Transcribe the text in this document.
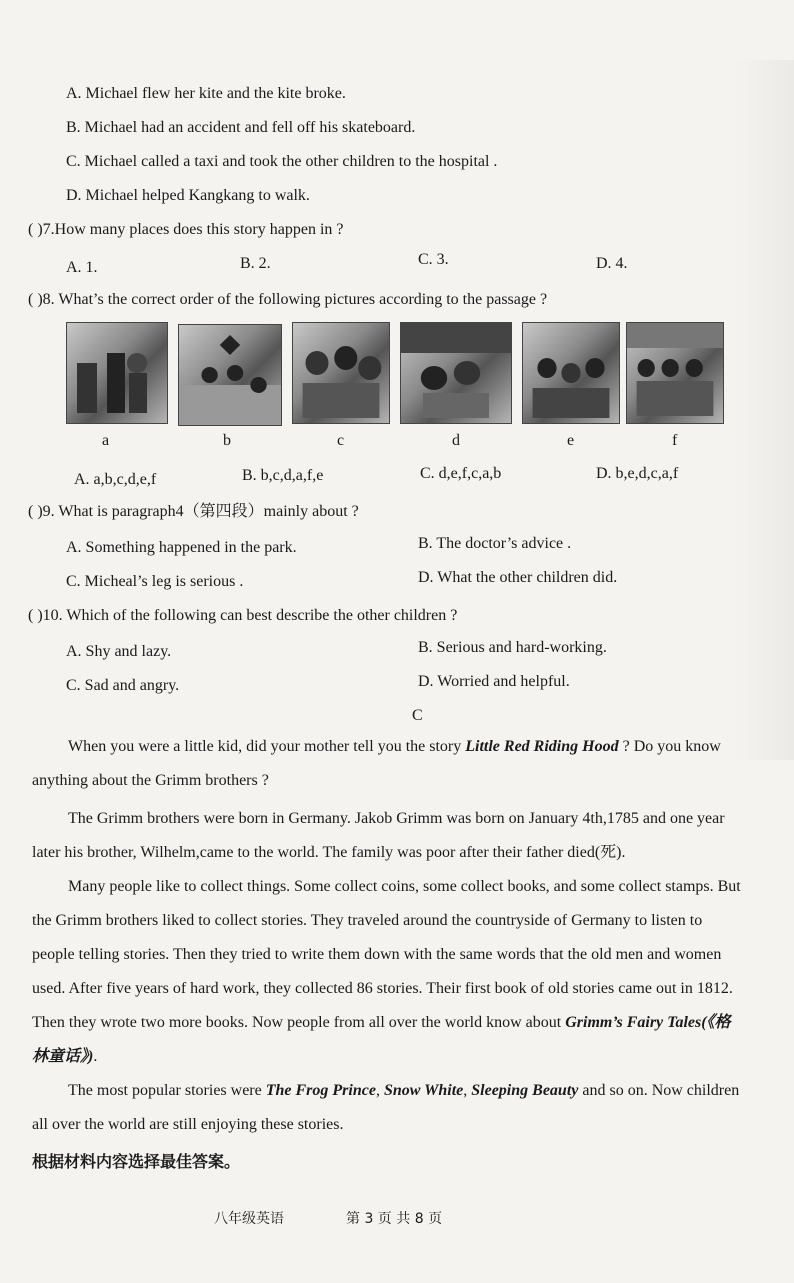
A. Michael flew her kite and the kite broke.
B. Michael had an accident and fell off his skateboard.
C. Michael called a taxi and took the other children to the hospital .
D. Michael helped Kangkang to walk.
( )7.How many places does this story happen in ?
A. 1.	B. 2.	C. 3.	D. 4.
( )8. What’s the correct order of the following pictures according to the passage ?
a	b	c	d	e	f
A. a,b,c,d,e,f	B. b,c,d,a,f,e	C. d,e,f,c,a,b	D. b,e,d,c,a,f
( )9. What is paragraph4（第四段）mainly about ?
A. Something happened in the park.	B. The doctor’s advice .
C. Micheal’s leg is serious .	D. What the other children did.
( )10. Which of the following can best describe the other children ?
A. Shy and lazy.	B. Serious and hard-working.
C. Sad and angry.	D. Worried and helpful.
C
When you were a little kid, did your mother tell you the story Little Red Riding Hood ? Do you know anything about the Grimm brothers ?
The Grimm brothers were born in Germany. Jakob Grimm was born on January 4th,1785 and one year later his brother, Wilhelm,came to the world. The family was poor after their father died(死).
Many people like to collect things. Some collect coins, some collect books, and some collect stamps. But the Grimm brothers liked to collect stories. They traveled around the countryside of Germany to listen to people telling stories. Then they tried to write them down with the same words that the old men and women used. After five years of hard work, they collected 86 stories. Their first book of old stories came out in 1812. Then they wrote two more books. Now people from all over the world know about Grimm’s Fairy Tales(《格林童话》).
The most popular stories were The Frog Prince, Snow White, Sleeping Beauty and so on. Now children all over the world are still enjoying these stories.
根据材料内容选择最佳答案。
八年级英语	第 3 页 共 8 页
